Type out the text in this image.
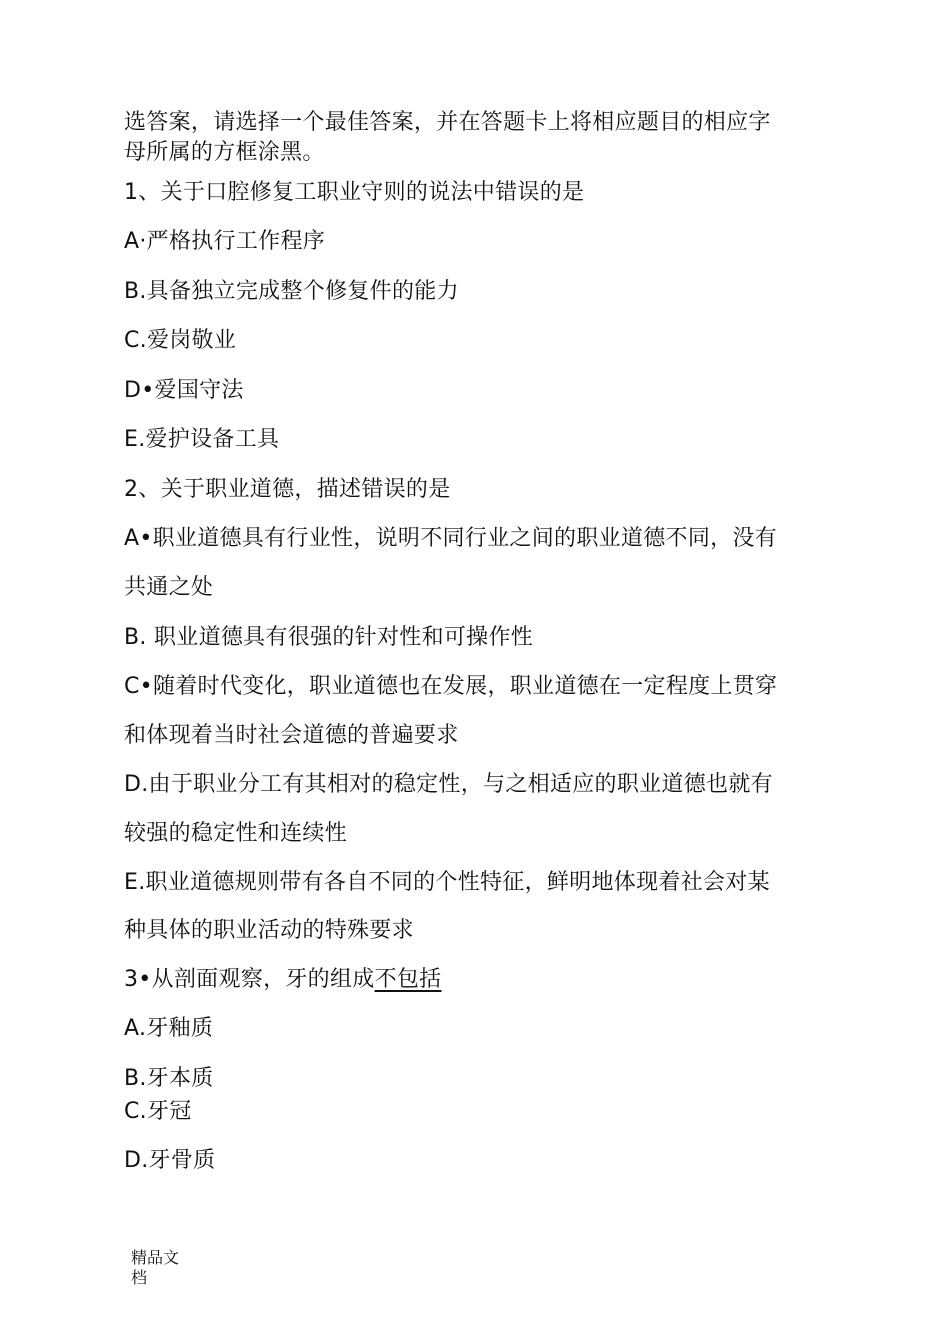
选答案，请选择一个最佳答案，并在答题卡上将相应题目的相应字
母所属的方框涂黑。
1、关于口腔修复工职业守则的说法中错误的是
A·严格执行工作程序
B.具备独立完成整个修复件的能力
C.爱岗敬业
D•爱国守法
E.爱护设备工具
2、关于职业道德，描述错误的是
A•职业道德具有行业性，说明不同行业之间的职业道德不同，没有
共通之处
B. 职业道德具有很强的针对性和可操作性
C•随着时代变化，职业道德也在发展，职业道德在一定程度上贯穿
和体现着当时社会道德的普遍要求
D.由于职业分工有其相对的稳定性，与之相适应的职业道德也就有
较强的稳定性和连续性
E.职业道德规则带有各自不同的个性特征，鲜明地体现着社会对某
种具体的职业活动的特殊要求
3•从剖面观察，牙的组成不包括
A.牙釉质
B.牙本质
C.牙冠
D.牙骨质
精品文
档
